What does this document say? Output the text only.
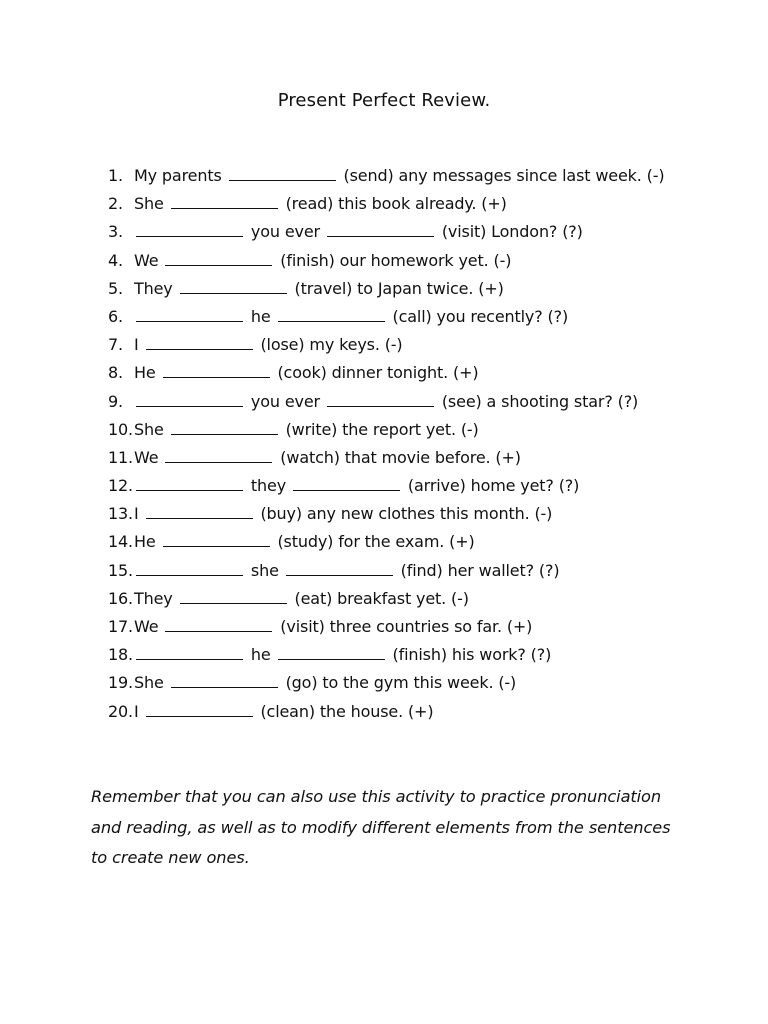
Present Perfect Review.
1. My parents	(send) any messages since last week. (-)
2. She	(read) this book already. (+)
3.	you ever	(visit) London? (?)
4. We	(finish) our homework yet. (-)
5. They	(travel) to Japan twice. (+)
6.	he	(call) you recently? (?)
7. I	(lose) my keys. (-)
8. He	(cook) dinner tonight. (+)
9.	you ever	(see) a shooting star? (?)
10. She	(write) the report yet. (-)
11. We	(watch) that movie before. (+)
12.	they	(arrive) home yet? (?)
13. I	(buy) any new clothes this month. (-)
14. He	(study) for the exam. (+)
15.	she	(find) her wallet? (?)
16. They	(eat) breakfast yet. (-)
17. We	(visit) three countries so far. (+)
18.	he	(finish) his work? (?)
19. She	(go) to the gym this week. (-)
20. I	(clean) the house. (+)

Remember that you can also use this activity to practice pronunciation and reading, as well as to modify different elements from the sentences to create new ones.
